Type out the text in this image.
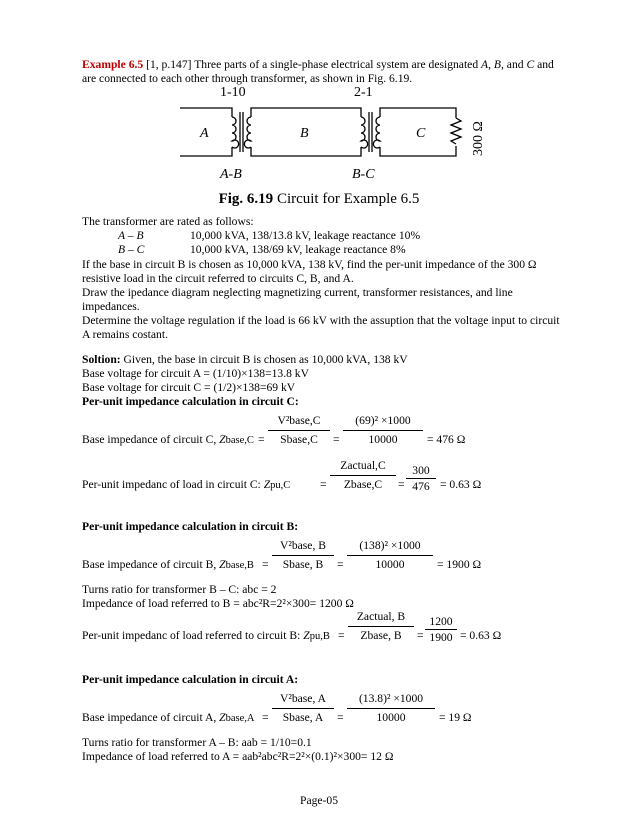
Example 6.5 [1, p.147] Three parts of a single-phase electrical system are designated A, B, and C and
are connected to each other through transformer, as shown in Fig. 6.19.
1-10	2-1
A	B	C
A-B	B-C
300 Ω
Fig. 6.19 Circuit for Example 6.5
The transformer are rated as follows:
A – B	10,000 kVA, 138/13.8 kV, leakage reactance 10%
B – C	10,000 kVA, 138/69 kV, leakage reactance 8%
If the base in circuit B is chosen as 10,000 kVA, 138 kV, find the per-unit impedance of the 300 Ω
resistive load in the circuit referred to circuits C, B, and A.
Draw the ipedance diagram neglecting magnetizing current, transformer resistances, and line
impedances.
Determine the voltage regulation if the load is 66 kV with the assuption that the voltage input to circuit
A remains costant.
Soltion: Given, the base in circuit B is chosen as 10,000 kVA, 138 kV
Base voltage for circuit A = (1/10)×138=13.8 kV
Base voltage for circuit C = (1/2)×138=69 kV
Per-unit impedance calculation in circuit C:
Base impedance of circuit C, Zbase,C =
V²base,C
Sbase,C	=
(69)² ×1000
10000	= 476 Ω
Per-unit impedanc of load in circuit C: Zpu,C	=
Zactual,C
Zbase,C	=
300
476 = 0.63 Ω
Per-unit impedance calculation in circuit B:
Base impedance of circuit B, Zbase,B =
V²base, B
Sbase, B	=
(138)² ×1000
10000	= 1900 Ω
Turns ratio for transformer B – C: abc = 2
Impedance of load referred to B = abc²R=2²×300= 1200 Ω
Per-unit impedanc of load referred to circuit B: Zpu,B =
Zactual, B
Zbase, B	=
1200
1900 = 0.63 Ω
Per-unit impedance calculation in circuit A:
Base impedance of circuit A, Zbase,A =
V²base, A
Sbase, A	=
(13.8)² ×1000
10000	= 19 Ω
Turns ratio for transformer A – B: aab = 1/10=0.1
Impedance of load referred to A = aab²abc²R=2²×(0.1)²×300= 12 Ω
Page-05
